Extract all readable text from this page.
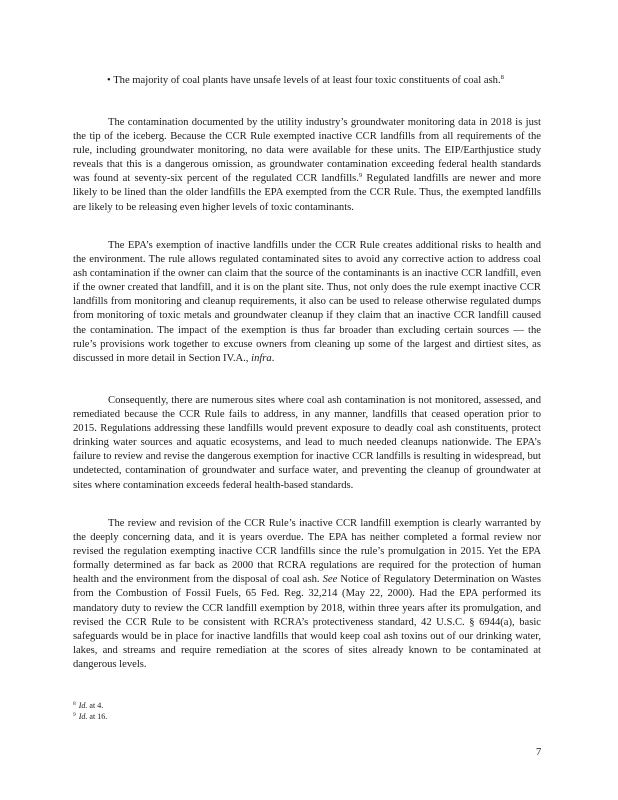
• The majority of coal plants have unsafe levels of at least four toxic constituents of coal ash.$^8$

The contamination documented by the utility industry’s groundwater monitoring data in 2018 is just the tip of the iceberg. Because the CCR Rule exempted inactive CCR landfills from all requirements of the rule, including groundwater monitoring, no data were available for these units. The EIP/Earthjustice study reveals that this is a dangerous omission, as groundwater contamination exceeding federal health standards was found at seventy-six percent of the regulated CCR landfills.$^9$ Regulated landfills are newer and more likely to be lined than the older landfills the EPA exempted from the CCR Rule. Thus, the exempted landfills are likely to be releasing even higher levels of toxic contaminants.

The EPA’s exemption of inactive landfills under the CCR Rule creates additional risks to health and the environment. The rule allows regulated contaminated sites to avoid any corrective action to address coal ash contamination if the owner can claim that the source of the contaminants is an inactive CCR landfill, even if the owner created that landfill, and it is on the plant site. Thus, not only does the rule exempt inactive CCR landfills from monitoring and cleanup requirements, it also can be used to release otherwise regulated dumps from monitoring of toxic metals and groundwater cleanup if they claim that an inactive CCR landfill caused the contamination. The impact of the exemption is thus far broader than excluding certain sources — the rule’s provisions work together to excuse owners from cleaning up some of the largest and dirtiest sites, as discussed in more detail in Section IV.A., infra.

Consequently, there are numerous sites where coal ash contamination is not monitored, assessed, and remediated because the CCR Rule fails to address, in any manner, landfills that ceased operation prior to 2015. Regulations addressing these landfills would prevent exposure to deadly coal ash constituents, protect drinking water sources and aquatic ecosystems, and lead to much needed cleanups nationwide. The EPA’s failure to review and revise the dangerous exemption for inactive CCR landfills is resulting in widespread, but undetected, contamination of groundwater and surface water, and preventing the cleanup of groundwater at sites where contamination exceeds federal health-based standards.

The review and revision of the CCR Rule’s inactive CCR landfill exemption is clearly warranted by the deeply concerning data, and it is years overdue. The EPA has neither completed a formal review nor revised the regulation exempting inactive CCR landfills since the rule’s promulgation in 2015. Yet the EPA formally determined as far back as 2000 that RCRA regulations are required for the protection of human health and the environment from the disposal of coal ash. See Notice of Regulatory Determination on Wastes from the Combustion of Fossil Fuels, 65 Fed. Reg. 32,214 (May 22, 2000). Had the EPA performed its mandatory duty to review the CCR landfill exemption by 2018, within three years after its promulgation, and revised the CCR Rule to be consistent with RCRA’s protectiveness standard, 42 U.S.C. § 6944(a), basic safeguards would be in place for inactive landfills that would keep coal ash toxins out of our drinking water, lakes, and streams and require remediation at the scores of sites already known to be contaminated at dangerous levels.

$^8$ Id. at 4.
$^9$ Id. at 16.
7
